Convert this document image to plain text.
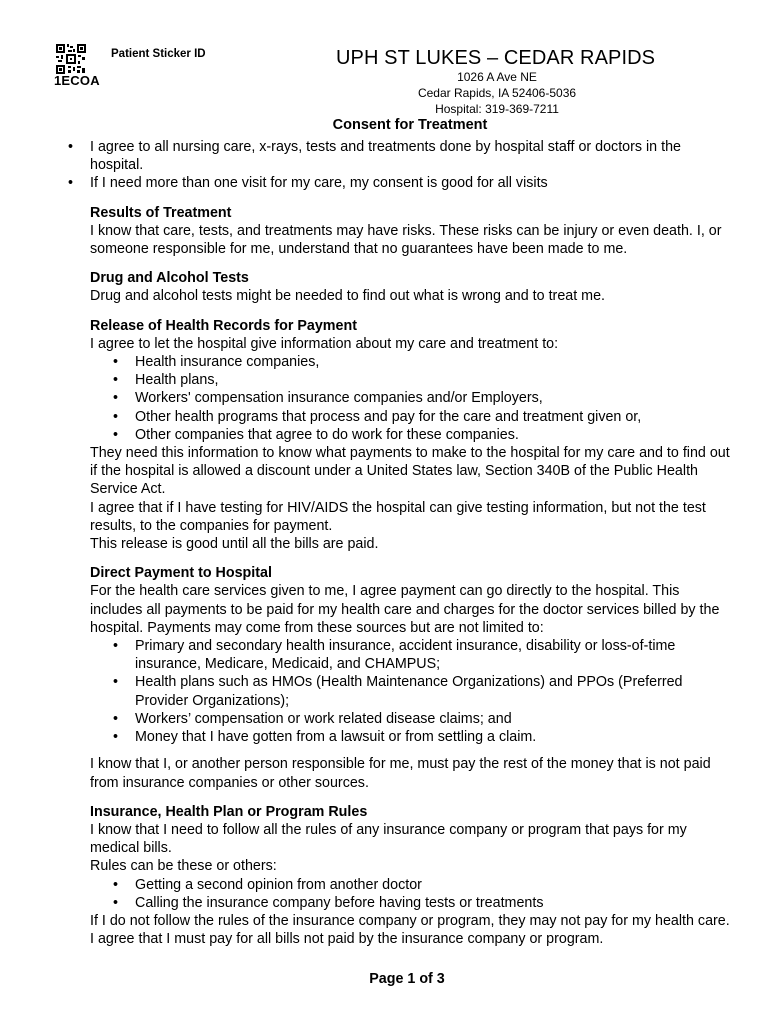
1ECOA
Patient Sticker ID	UPH ST LUKES – CEDAR RAPIDS
1026 A Ave NE
Cedar Rapids, IA 52406-5036
Hospital: 319-369-7211
Consent for Treatment
• I agree to all nursing care, x-rays, tests and treatments done by hospital staff or doctors in the hospital.
• If I need more than one visit for my care, my consent is good for all visits
Results of Treatment

I know that care, tests, and treatments may have risks. These risks can be injury or even death. I, or someone responsible for me, understand that no guarantees have been made to me.

Drug and Alcohol Tests

Drug and alcohol tests might be needed to find out what is wrong and to treat me.

Release of Health Records for Payment

I agree to let the hospital give information about my care and treatment to:

• Health insurance companies,
• Health plans,
• Workers' compensation insurance companies and/or Employers,
• Other health programs that process and pay for the care and treatment given or,
• Other companies that agree to do work for these companies.

They need this information to know what payments to make to the hospital for my care and to find out if the hospital is allowed a discount under a United States law, Section 340B of the Public Health Service Act.

I agree that if I have testing for HIV/AIDS the hospital can give testing information, but not the test results, to the companies for payment.

This release is good until all the bills are paid.

Direct Payment to Hospital

For the health care services given to me, I agree payment can go directly to the hospital. This includes all payments to be paid for my health care and charges for the doctor services billed by the hospital. Payments may come from these sources but are not limited to:

• Primary and secondary health insurance, accident insurance, disability or loss-of-time insurance, Medicare, Medicaid, and CHAMPUS;
• Health plans such as HMOs (Health Maintenance Organizations) and PPOs (Preferred Provider Organizations);
• Workers’ compensation or work related disease claims; and
• Money that I have gotten from a lawsuit or from settling a claim.

I know that I, or another person responsible for me, must pay the rest of the money that is not paid from insurance companies or other sources.

Insurance, Health Plan or Program Rules

I know that I need to follow all the rules of any insurance company or program that pays for my medical bills.

Rules can be these or others:

• Getting a second opinion from another doctor
• Calling the insurance company before having tests or treatments

If I do not follow the rules of the insurance company or program, they may not pay for my health care. I agree that I must pay for all bills not paid by the insurance company or program.

Page 1 of 3
